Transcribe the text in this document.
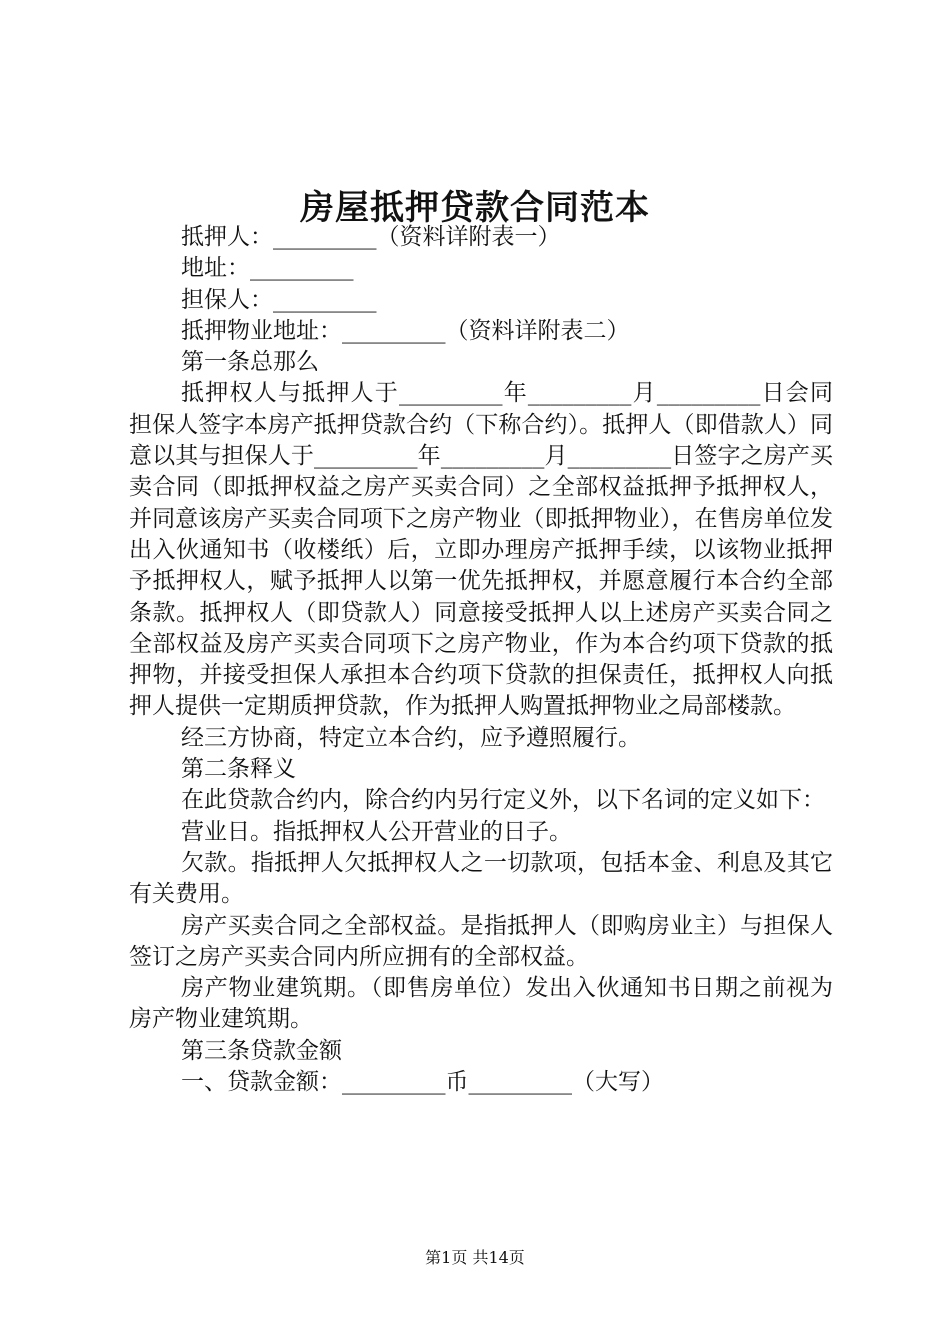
房屋抵押贷款合同范本

抵押人：_________（资料详附表一）

地址：_________

担保人：_________

抵押物业地址：_________（资料详附表二）

第一条总那么

抵押权人与抵押人于_________年_________月_________日会同担保人签字本房产抵押贷款合约（下称合约）。抵押人（即借款人）同意以其与担保人于_________年_________月_________日签字之房产买卖合同（即抵押权益之房产买卖合同）之全部权益抵押予抵押权人，并同意该房产买卖合同项下之房产物业（即抵押物业），在售房单位发出入伙通知书（收楼纸）后，立即办理房产抵押手续，以该物业抵押予抵押权人，赋予抵押人以第一优先抵押权，并愿意履行本合约全部条款。抵押权人（即贷款人）同意接受抵押人以上述房产买卖合同之全部权益及房产买卖合同项下之房产物业，作为本合约项下贷款的抵押物，并接受担保人承担本合约项下贷款的担保责任，抵押权人向抵押人提供一定期质押贷款，作为抵押人购置抵押物业之局部楼款。

经三方协商，特定立本合约，应予遵照履行。

第二条释义

在此贷款合约内，除合约内另行定义外，以下名词的定义如下：

营业日。指抵押权人公开营业的日子。

欠款。指抵押人欠抵押权人之一切款项，包括本金、利息及其它有关费用。

房产买卖合同之全部权益。是指抵押人（即购房业主）与担保人签订之房产买卖合同内所应拥有的全部权益。

房产物业建筑期。（即售房单位）发出入伙通知书日期之前视为房产物业建筑期。

第三条贷款金额

一、贷款金额：_________币_________（大写）

第1页 共14页
